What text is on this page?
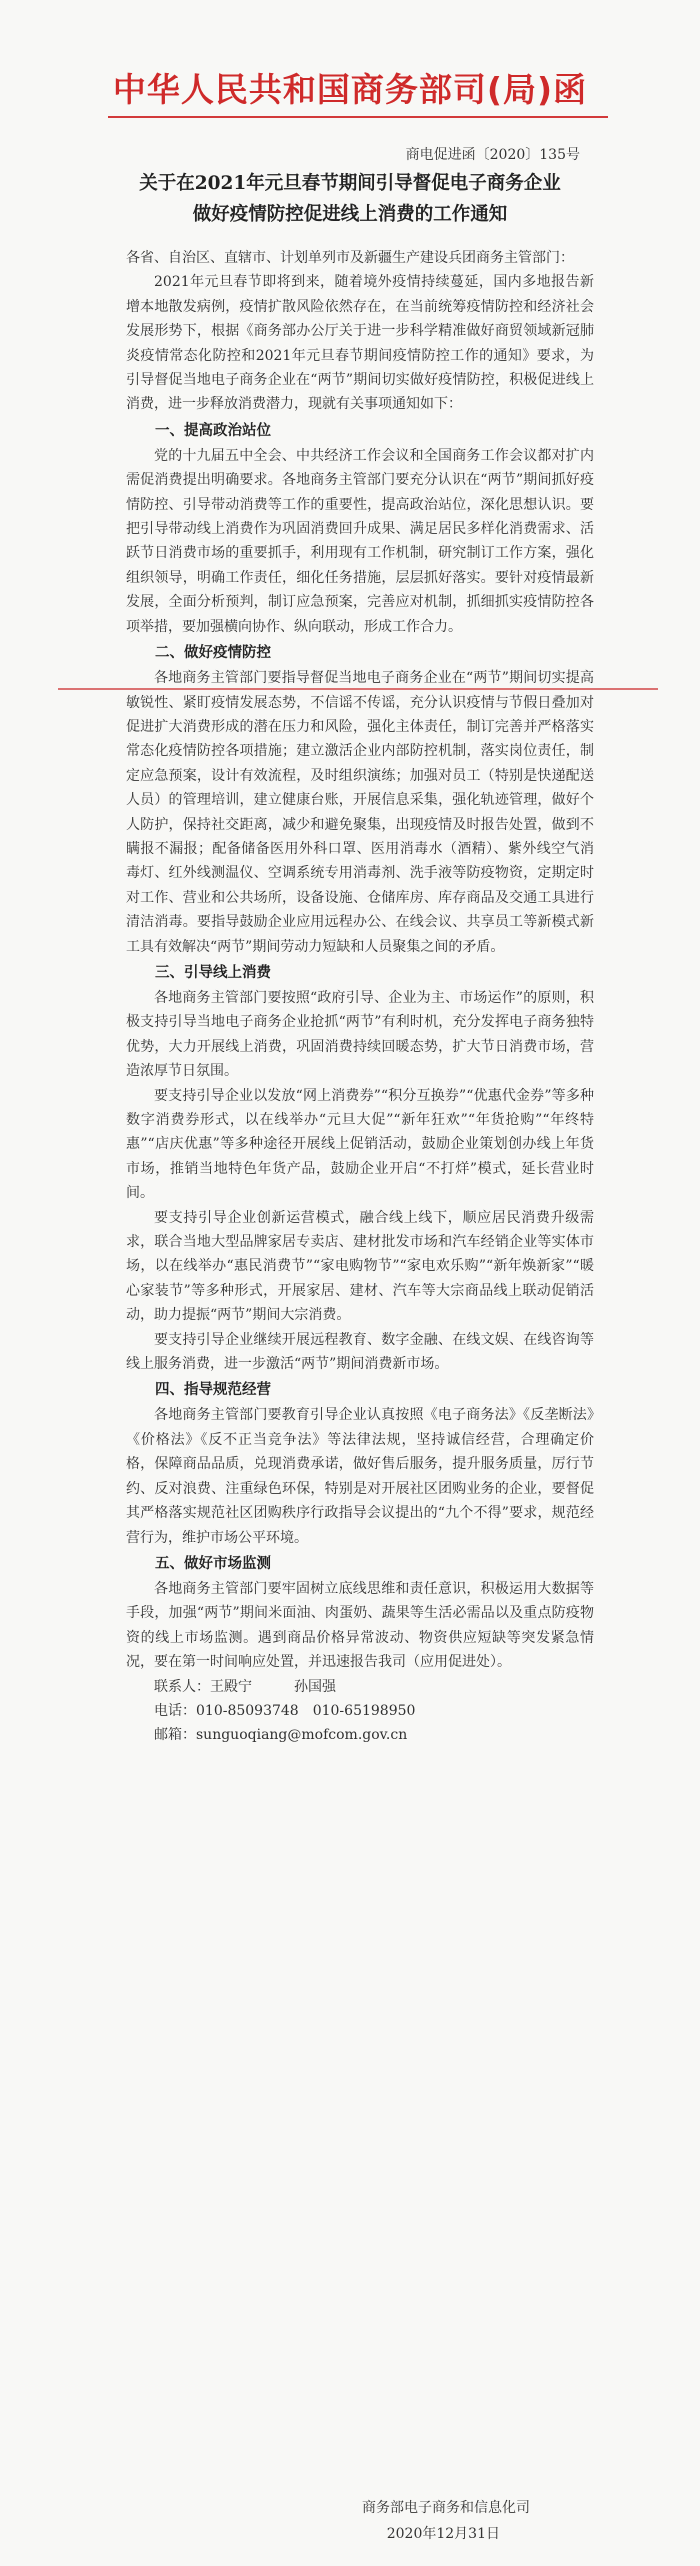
中华人民共和国商务部司(局)函
商电促进函〔2020〕135号
关于在2021年元旦春节期间引导督促电子商务企业
做好疫情防控促进线上消费的工作通知

各省、自治区、直辖市、计划单列市及新疆生产建设兵团商务主管部门：

2021年元旦春节即将到来，随着境外疫情持续蔓延，国内多地报告新增本地散发病例，疫情扩散风险依然存在，在当前统筹疫情防控和经济社会发展形势下，根据《商务部办公厅关于进一步科学精准做好商贸领域新冠肺炎疫情常态化防控和2021年元旦春节期间疫情防控工作的通知》要求，为引导督促当地电子商务企业在“两节”期间切实做好疫情防控，积极促进线上消费，进一步释放消费潜力，现就有关事项通知如下：

一、提高政治站位

党的十九届五中全会、中共经济工作会议和全国商务工作会议都对扩内需促消费提出明确要求。各地商务主管部门要充分认识在“两节”期间抓好疫情防控、引导带动消费等工作的重要性，提高政治站位，深化思想认识。要把引导带动线上消费作为巩固消费回升成果、满足居民多样化消费需求、活跃节日消费市场的重要抓手，利用现有工作机制，研究制订工作方案，强化组织领导，明确工作责任，细化任务措施，层层抓好落实。要针对疫情最新发展，全面分析预判，制订应急预案，完善应对机制，抓细抓实疫情防控各项举措，要加强横向协作、纵向联动，形成工作合力。

二、做好疫情防控

各地商务主管部门要指导督促当地电子商务企业在“两节”期间切实提高敏锐性、紧盯疫情发展态势，不信谣不传谣，充分认识疫情与节假日叠加对促进扩大消费形成的潜在压力和风险，强化主体责任，制订完善并严格落实常态化疫情防控各项措施；建立激活企业内部防控机制，落实岗位责任，制定应急预案，设计有效流程，及时组织演练；加强对员工（特别是快递配送人员）的管理培训，建立健康台账，开展信息采集，强化轨迹管理，做好个人防护，保持社交距离，减少和避免聚集，出现疫情及时报告处置，做到不瞒报不漏报；配备储备医用外科口罩、医用消毒水（酒精）、紫外线空气消毒灯、红外线测温仪、空调系统专用消毒剂、洗手液等防疫物资，定期定时对工作、营业和公共场所，设备设施、仓储库房、库存商品及交通工具进行清洁消毒。要指导鼓励企业应用远程办公、在线会议、共享员工等新模式新工具有效解决“两节”期间劳动力短缺和人员聚集之间的矛盾。

三、引导线上消费

各地商务主管部门要按照“政府引导、企业为主、市场运作”的原则，积极支持引导当地电子商务企业抢抓“两节”有利时机，充分发挥电子商务独特优势，大力开展线上消费，巩固消费持续回暖态势，扩大节日消费市场，营造浓厚节日氛围。

要支持引导企业以发放“网上消费券”“积分互换券”“优惠代金券”等多种数字消费券形式，以在线举办“元旦大促”“新年狂欢”“年货抢购”“年终特惠”“店庆优惠”等多种途径开展线上促销活动，鼓励企业策划创办线上年货市场，推销当地特色年货产品，鼓励企业开启“不打烊”模式，延长营业时间。

要支持引导企业创新运营模式，融合线上线下，顺应居民消费升级需求，联合当地大型品牌家居专卖店、建材批发市场和汽车经销企业等实体市场，以在线举办“惠民消费节”“家电购物节”“家电欢乐购”“新年焕新家”“暖心家装节”等多种形式，开展家居、建材、汽车等大宗商品线上联动促销活动，助力提振“两节”期间大宗消费。

要支持引导企业继续开展远程教育、数字金融、在线文娱、在线咨询等线上服务消费，进一步激活“两节”期间消费新市场。

四、指导规范经营

各地商务主管部门要教育引导企业认真按照《电子商务法》《反垄断法》《价格法》《反不正当竞争法》等法律法规，坚持诚信经营，合理确定价格，保障商品品质，兑现消费承诺，做好售后服务，提升服务质量，厉行节约、反对浪费、注重绿色环保，特别是对开展社区团购业务的企业，要督促其严格落实规范社区团购秩序行政指导会议提出的“九个不得”要求，规范经营行为，维护市场公平环境。

五、做好市场监测

各地商务主管部门要牢固树立底线思维和责任意识，积极运用大数据等手段，加强“两节”期间米面油、肉蛋奶、蔬果等生活必需品以及重点防疫物资的线上市场监测。遇到商品价格异常波动、物资供应短缺等突发紧急情况，要在第一时间响应处置，并迅速报告我司（应用促进处）。

联系人：王殿宁	孙国强
电话：010-85093748　010-65198950
邮箱：sunguoqiang@mofcom.gov.cn
商务部电子商务和信息化司
2020年12月31日
